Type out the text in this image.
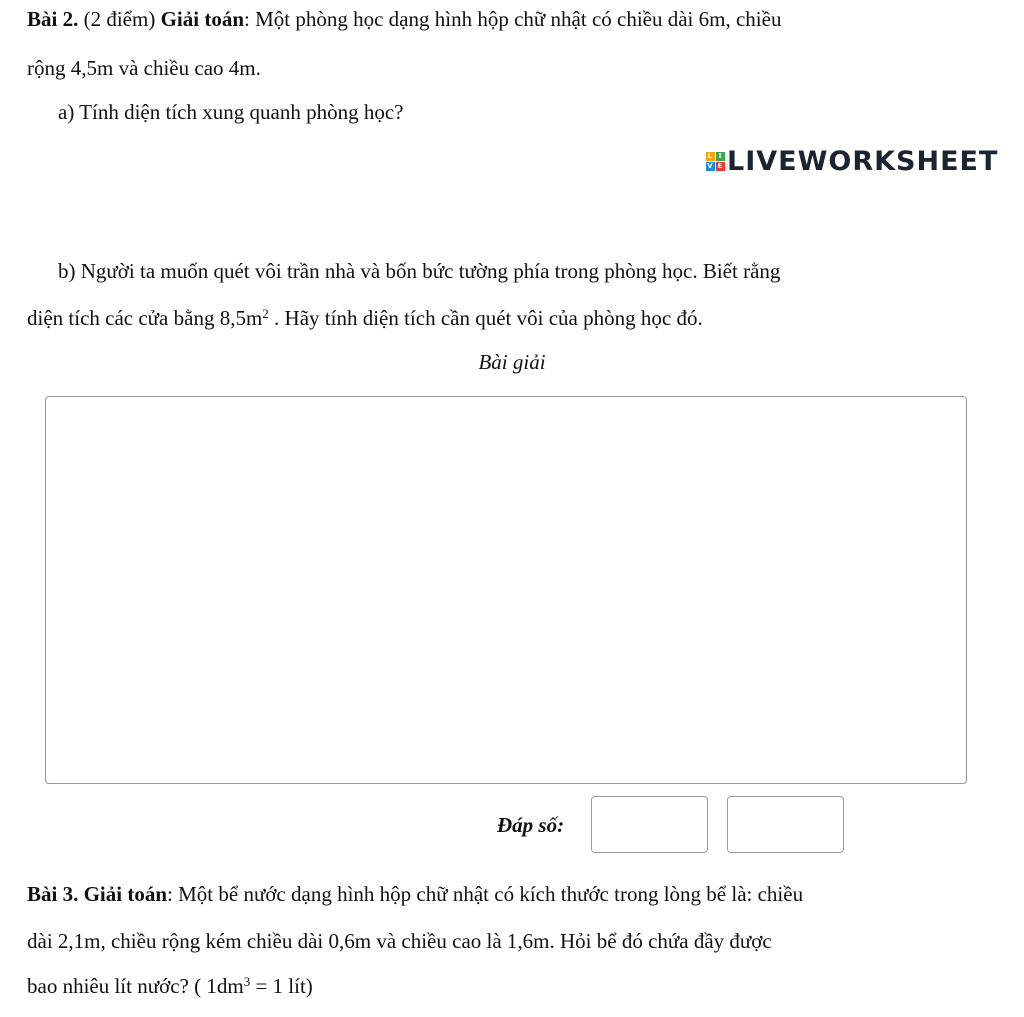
Bài 2. (2 điểm) Giải toán: Một phòng học dạng hình hộp chữ nhật có chiều dài 6m, chiều
rộng 4,5m và chiều cao 4m.
a) Tính diện tích xung quanh phòng học?
L I
V E LIVEWORKSHEET
b) Người ta muốn quét vôi trần nhà và bốn bức tường phía trong phòng học. Biết rằng
diện tích các cửa bằng $8,5m^2$ . Hãy tính diện tích cần quét vôi của phòng học đó.
Bài giải
Đáp số:
Bài 3. Giải toán: Một bể nước dạng hình hộp chữ nhật có kích thước trong lòng bể là: chiều
dài 2,1m, chiều rộng kém chiều dài 0,6m và chiều cao là 1,6m. Hỏi bể đó chứa đầy được
bao nhiêu lít nước? ( $1dm^3 = 1$ lít)
